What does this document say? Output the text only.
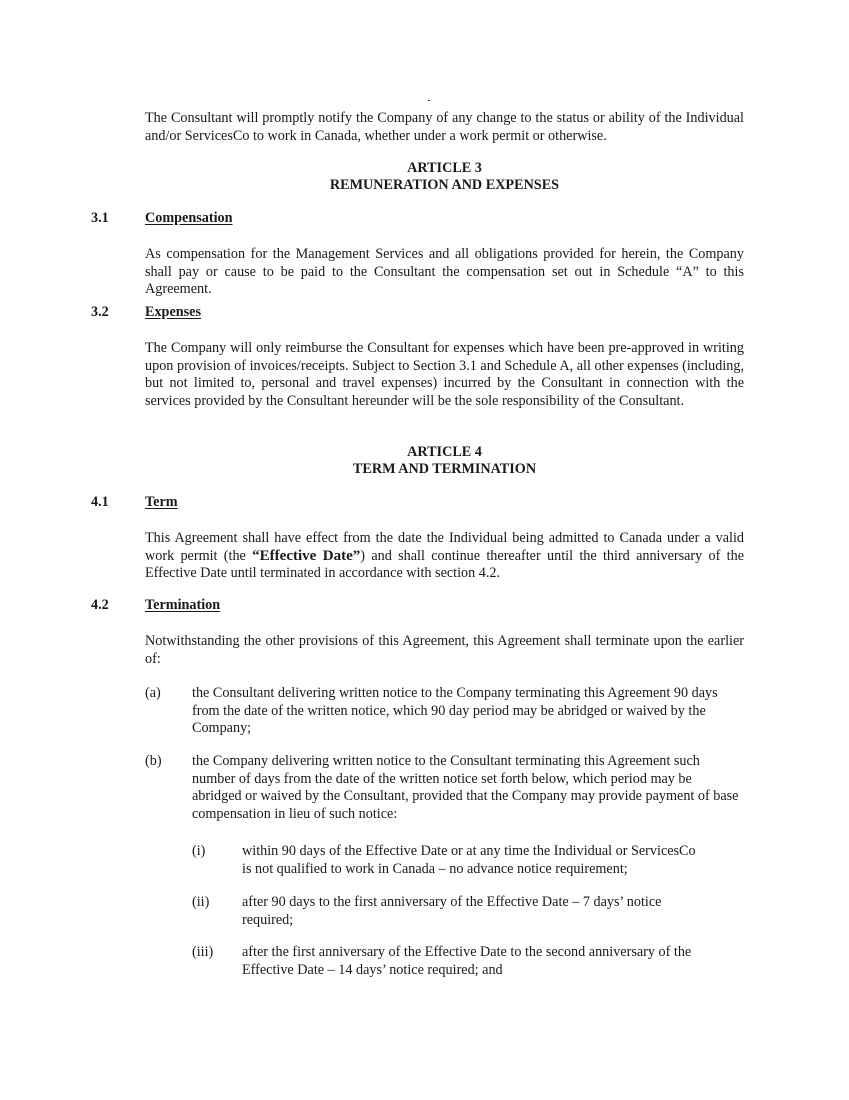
The Consultant will promptly notify the Company of any change to the status or ability of the Individual and/or ServicesCo to work in Canada, whether under a work permit or otherwise.
ARTICLE 3
REMUNERATION AND EXPENSES
3.1	Compensation
As compensation for the Management Services and all obligations provided for herein, the Company shall pay or cause to be paid to the Consultant the compensation set out in Schedule “A” to this Agreement.
3.2	Expenses
The Company will only reimburse the Consultant for expenses which have been pre-approved in writing upon provision of invoices/receipts. Subject to Section 3.1 and Schedule A, all other expenses (including, but not limited to, personal and travel expenses) incurred by the Consultant in connection with the services provided by the Consultant hereunder will be the sole responsibility of the Consultant.
ARTICLE 4
TERM AND TERMINATION
4.1	Term
This Agreement shall have effect from the date the Individual being admitted to Canada under a valid work permit (the “Effective Date”) and shall continue thereafter until the third anniversary of the Effective Date until terminated in accordance with section 4.2.
4.2	Termination
Notwithstanding the other provisions of this Agreement, this Agreement shall terminate upon the earlier of:
(a) the Consultant delivering written notice to the Company terminating this Agreement 90 days from the date of the written notice, which 90 day period may be abridged or waived by the Company;
(b) the Company delivering written notice to the Consultant terminating this Agreement such number of days from the date of the written notice set forth below, which period may be abridged or waived by the Consultant, provided that the Company may provide payment of base compensation in lieu of such notice:
(i)	within 90 days of the Effective Date or at any time the Individual or ServicesCo is not qualified to work in Canada – no advance notice requirement;
(ii) after 90 days to the first anniversary of the Effective Date – 7 days’ notice required;
(iii) after the first anniversary of the Effective Date to the second anniversary of the Effective Date – 14 days’ notice required; and
